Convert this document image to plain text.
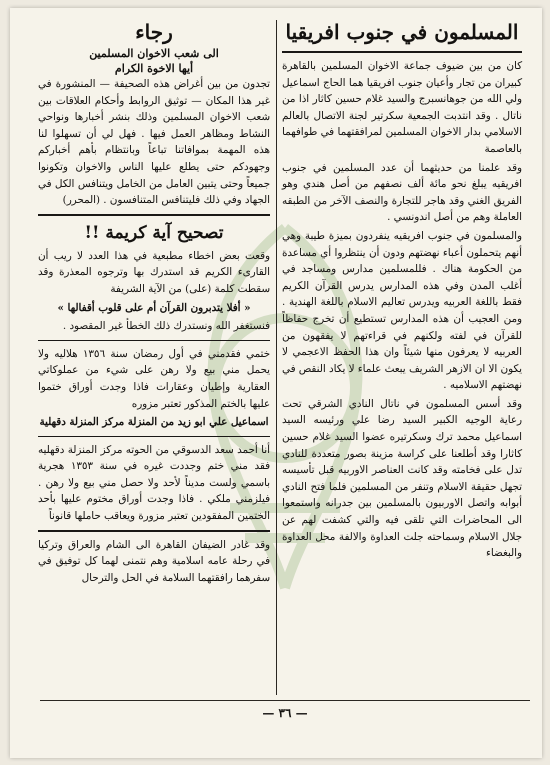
المسلمون في جنوب افريقيا

كان من بين ضيوف جماعة الاخوان المسلمين بالقاهرة كبيران من تجار وأعيان جنوب افريقيا هما الحاج اسماعيل ولي الله من جوهانسبرج والسيد غلام حسين كاثار اذا من ناتال . وقد انتدبت الجمعية سكرتير لجنة الاتصال بالعالم الاسلامي بدار الاخوان المسلمين لمرافقتهما في طوافهما بالعاصمة

وقد علمنا من حديثهما أن عدد المسلمين في جنوب افريقيه يبلغ نحو مائة ألف نصفهم من أصل هندي وهو الفريق الغني وقد هاجر للتجارة والنصف الآخر من الطبقه العاملة وهم من أصل اندونسي .

والمسلمون في جنوب افريقيه ينفردون بميزة طيبة وهي أنهم يتحملون أعباء نهضتهم ودون أن ينتظروا أي مساعدة من الحكومة هناك . فللمسلمين مدارس ومساجد في أغلب المدن وفي هذه المدارس يدرس القرآن الكريم فقط باللغة العربيه ويدرس تعاليم الاسلام باللغة الهندية . ومن العجيب أن هذه المدارس تستطيع أن تخرج حفاظاً للقرآن في لفته ولكنهم في قراءتهم لا يفقهون من العربيه لا يعرفون منها شيئاً وان هذا الحفظ الاعجمي لا يكون الا ان الازهر الشريف يبعث علماء لا يكاد النقص في نهضتهم الاسلاميه .

وقد أسس المسلمون في ناتال النادي الشرقي تحت رعاية الوجيه الكبير السيد رضا علي ورئيسه السيد اسماعيل محمد ترك وسكرتيره عضوا السيد غلام حسين كاثارا وقد أطلعنا على كراسة مزينة بصور متعددة للنادي تدل على فخامته وقد كانت العناصر الاوربيه قبل تأسيسه تجهل حقيقة الاسلام وتنفر من المسلمين فلما فتح النادي أبوابه واتصل الاوربيون بالمسلمين بين جدرانه واستمعوا الى المحاضرات التي تلقى فيه والتي كشفت لهم عن جلال الاسلام وسماحته جلت العداوة والالفة محل العداوة والبغضاء

رجاء
الى شعب الاخوان المسلمين
أيها الاخوة الكرام

تجدون من بين أغراض هذه الصحيفة — المنشورة في غير هذا المكان — توثيق الروابط وأحكام العلاقات بين شعب الاخوان المسلمين وذلك بنشر أخبارها ونواحي النشاط ومظاهر العمل فيها . فهل لي أن تسهلوا لنا هذه المهمة بموافاتنا تباعاً وبانتظام بأهم أخباركم وجهودكم حتى يطلع عليها الناس والاخوان وتكونوا جميعاً وحتى يتبين العامل من الخامل ويتنافس الكل في الجهاد وفي ذلك فليتنافس المتنافسون . (المحرر)

تصحيح آية كريمة !!

وقعت بعض اخطاء مطبعية في هذا العدد لا ريب أن القارىء الكريم قد استدرك بها وترجوه المعذرة وقد سقطت كلمة (على) من الآية الشريفة

« أفلا يتدبرون القرآن أم على قلوب أقفالها »

فنستغفر الله ونستدرك ذلك الخطأ غير المقصود .

ختمي فقدمني في أول رمضان سنة ١٣٥٦ هلاليه ولا يحمل مني بيع ولا رهن على شيء من عملوكاتي العقارية وإطيان وعقارات فاذا وجدت أوراق ختموا عليها بالختم المذكور تعتبر مزوره

اسماعيل علي ابو زيد من المنزلة مركز المنزلة دقهلية

أنا أحمد سعد الدسوقي من الحوته مركز المنزلة دقهليه فقد مني ختم وجددت غيره في سنة ١٣٥٣ هجرية باسمي ولست مديناً لأحد ولا حصل مني بيع ولا رهن . فيلزمني ملكي . فاذا وجدت أوراق مختوم عليها بأحد الختمين المفقودين تعتبر مزورة ويعاقب حاملها قانوناً

وقد غادر الضيفان القاهرة الى الشام والعراق وتركيا في رحلة عامه اسلامية وهم نتمنى لهما كل توفيق في سفرهما رافقتهما السلامة في الحل والترحال

— ٣٦ —
